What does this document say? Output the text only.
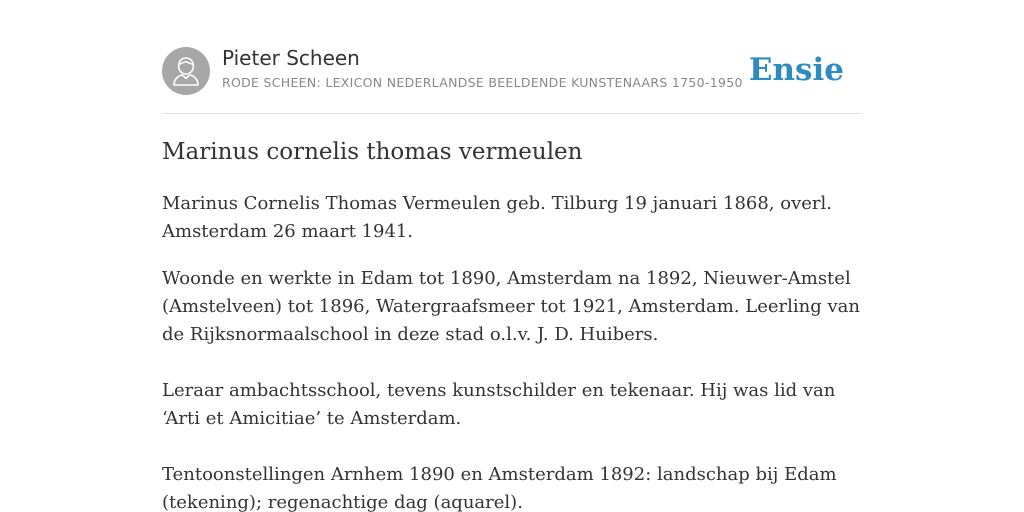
Pieter Scheen
RODE SCHEEN: LEXICON NEDERLANDSE BEELDENDE KUNSTENAARS 1750-1950 Ensie
Marinus cornelis thomas vermeulen

Marinus Cornelis Thomas Vermeulen geb. Tilburg 19 januari 1868, overl. Amsterdam 26 maart 1941.

Woonde en werkte in Edam tot 1890, Amsterdam na 1892, Nieuwer-Amstel (Amstelveen) tot 1896, Watergraafsmeer tot 1921, Amsterdam. Leerling van de Rijksnormaalschool in deze stad o.l.v. J. D. Huibers.

Leraar ambachtsschool, tevens kunstschilder en tekenaar. Hij was lid van ‘Arti et Amicitiae’ te Amsterdam.

Tentoonstellingen Arnhem 1890 en Amsterdam 1892: landschap bij Edam (tekening); regenachtige dag (aquarel).
